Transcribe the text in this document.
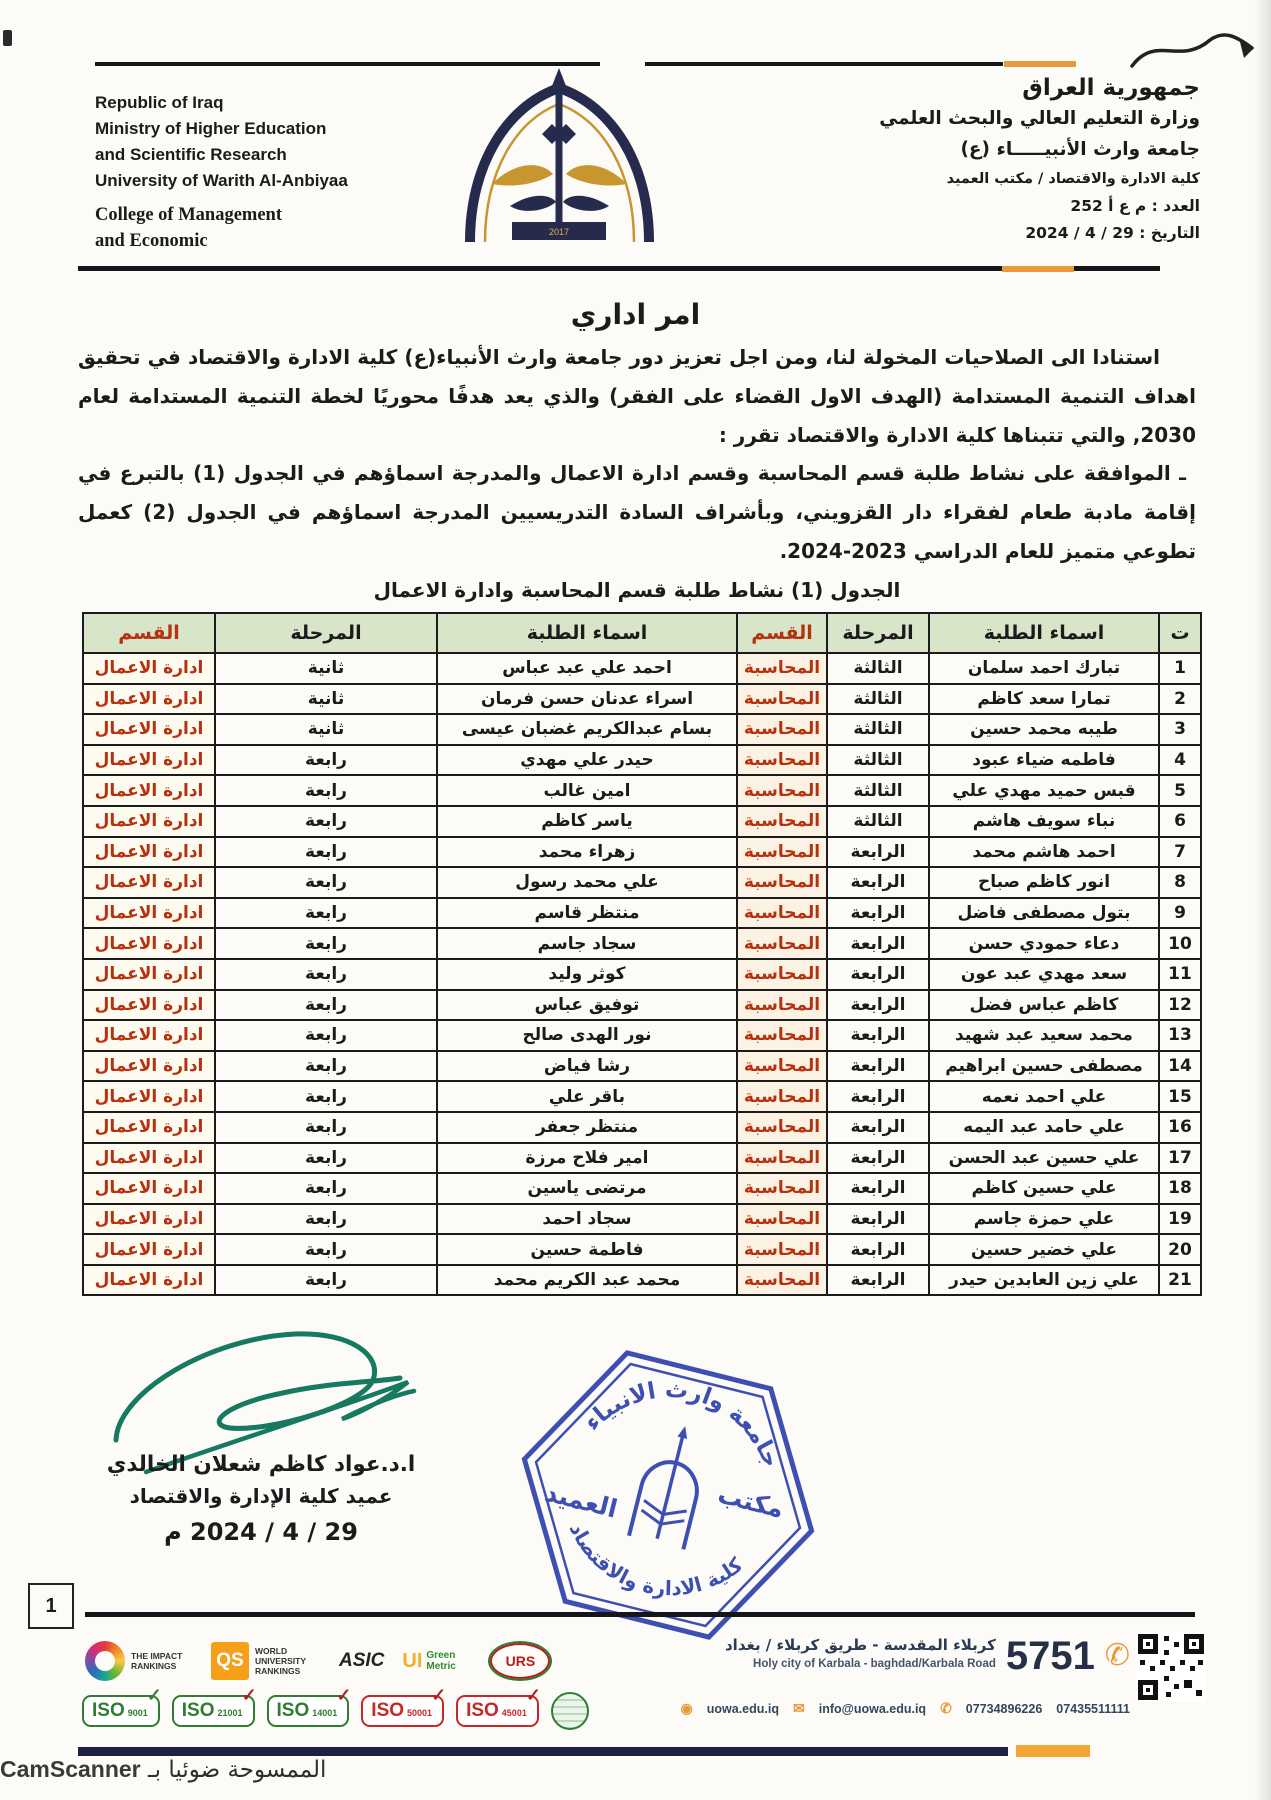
2017
Republic of Iraq
Ministry of Higher Education
and Scientific Research
University of Warith Al-Anbiyaa
College of Management
and Economic
جمهورية العراق
وزارة التعليم العالي والبحث العلمي
جامعة وارث الأنبيـــــاء (ع)
كلية الادارة والاقتصاد / مكتب العميد
العدد : م ع أ 252
التاريخ : 29 / 4 / 2024
امر اداري
استنادا الى الصلاحيات المخولة لنا، ومن اجل تعزيز دور جامعة وارث الأنبياء(ع) كلية الادارة والاقتصاد في تحقيق اهداف التنمية المستدامة (الهدف الاول القضاء على الفقر) والذي يعد هدفًا محوريًا لخطة التنمية المستدامة لعام 2030, والتي تتبناها كلية الادارة والاقتصاد تقرر :
ـ الموافقة على نشاط طلبة قسم المحاسبة وقسم ادارة الاعمال والمدرجة اسماؤهم في الجدول (1) بالتبرع في إقامة مادبة طعام لفقراء دار القزويني، وبأشراف السادة التدريسيين المدرجة اسماؤهم في الجدول (2) كعمل تطوعي متميز للعام الدراسي 2023-2024.
الجدول (1) نشاط طلبة قسم المحاسبة وادارة الاعمال
ت	اسماء الطلبة	المرحلة	القسم	اسماء الطلبة	المرحلة	القسم
1	تبارك احمد سلمان	الثالثة	المحاسبة	احمد علي عبد عباس	ثانية	ادارة الاعمال
2	تمارا سعد كاظم	الثالثة	المحاسبة	اسراء عدنان حسن فرمان	ثانية	ادارة الاعمال
3	طيبه محمد حسين	الثالثة	المحاسبة	بسام عبدالكريم غضبان عيسى	ثانية	ادارة الاعمال
4	فاطمه ضياء عبود	الثالثة	المحاسبة	حيدر علي مهدي	رابعة	ادارة الاعمال
5	قبس حميد مهدي علي	الثالثة	المحاسبة	امين غالب	رابعة	ادارة الاعمال
6	نباء سويف هاشم	الثالثة	المحاسبة	ياسر كاظم	رابعة	ادارة الاعمال
7	احمد هاشم محمد	الرابعة	المحاسبة	زهراء محمد	رابعة	ادارة الاعمال
8	انور كاظم صباح	الرابعة	المحاسبة	علي محمد رسول	رابعة	ادارة الاعمال
9	بتول مصطفى فاضل	الرابعة	المحاسبة	منتظر قاسم	رابعة	ادارة الاعمال
10	دعاء حمودي حسن	الرابعة	المحاسبة	سجاد جاسم	رابعة	ادارة الاعمال
11	سعد مهدي عبد عون	الرابعة	المحاسبة	كوثر وليد	رابعة	ادارة الاعمال
12	كاظم عباس فضل	الرابعة	المحاسبة	توفيق عباس	رابعة	ادارة الاعمال
13	محمد سعيد عبد شهيد	الرابعة	المحاسبة	نور الهدى صالح	رابعة	ادارة الاعمال
14	مصطفى حسين ابراهيم	الرابعة	المحاسبة	رشا فياض	رابعة	ادارة الاعمال
15	علي احمد نعمه	الرابعة	المحاسبة	باقر علي	رابعة	ادارة الاعمال
16	علي حامد عبد اليمه	الرابعة	المحاسبة	منتظر جعفر	رابعة	ادارة الاعمال
17	علي حسين عبد الحسن	الرابعة	المحاسبة	امير فلاح مرزة	رابعة	ادارة الاعمال
18	علي حسين كاظم	الرابعة	المحاسبة	مرتضى ياسين	رابعة	ادارة الاعمال
19	علي حمزة جاسم	الرابعة	المحاسبة	سجاد احمد	رابعة	ادارة الاعمال
20	علي خضير حسين	الرابعة	المحاسبة	فاطمة حسين	رابعة	ادارة الاعمال
21	علي زين العابدين حيدر	الرابعة	المحاسبة	محمد عبد الكريم محمد	رابعة	ادارة الاعمال
ا.د.عواد كاظم شعلان الخالدي
عميد كلية الإدارة والاقتصاد
29 / 4 / 2024 م
جامعة وارث الانبياء
كلية الادارة والاقتصاد
مكتب
العميد
1
THE IMPACT RANKINGS	QS	WORLD UNIVERSITY RANKINGS	ASIC UI Green Metric	URS
ISO 9001
✓
ISO 21001
✓
ISO 14001
✓
ISO 50001
✓
ISO 45001
✓
كربلاء المقدسة - طريق كربلاء / بغداد
Holy city of Karbala - baghdad/Karbala Road 5751 ✆
◉ uowa.edu.iq ✉ info@uowa.edu.iq ✆ 07734896226 07435511111
الممسوحة ضوئيا بـ CamScanner
